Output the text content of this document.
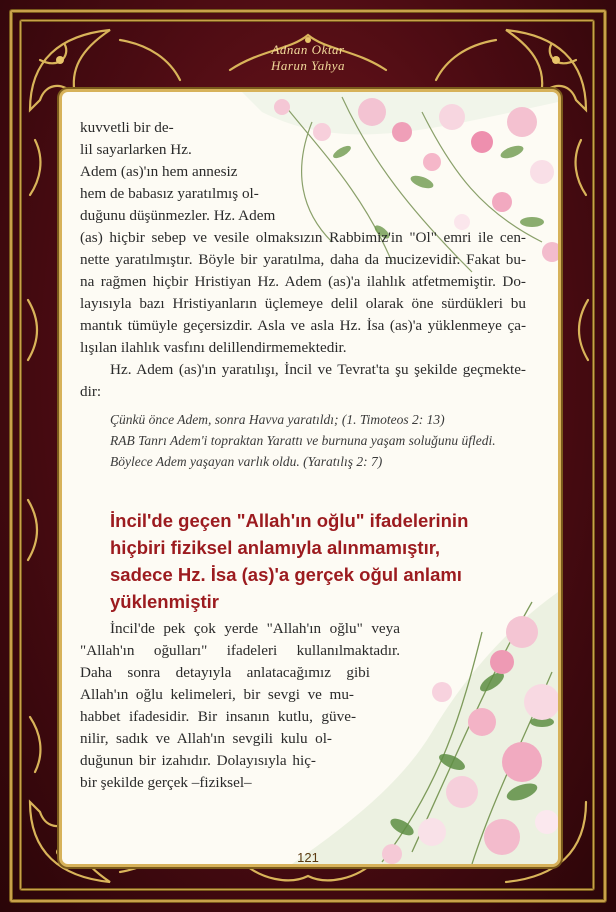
Adnan Oktar
Harun Yahya
kuvvetli bir de-
lil sayarlarken Hz.
Adem (as)'ın hem annesiz
hem de babasız yaratılmış ol-
duğunu düşünmezler. Hz. Adem
(as) hiçbir sebep ve vesile olmaksızın Rabbimiz'in "Ol" emri ile cen-
nette yaratılmıştır. Böyle bir yaratılma, daha da mucizevidir. Fakat bu-
na rağmen hiçbir Hristiyan Hz. Adem (as)'a ilahlık atfetmemiştir. Do-
layısıyla bazı Hristiyanların üçlemeye delil olarak öne sürdükleri bu
mantık tümüyle geçersizdir. Asla ve asla Hz. İsa (as)'a yüklenmeye ça-
lışılan ilahlık vasfını delillendirmemektedir.
Hz. Adem (as)'ın yaratılışı, İncil ve Tevrat'ta şu şekilde geçmekte-
dir:
Çünkü önce Adem, sonra Havva yaratıldı; (1. Timoteos 2: 13)
RAB Tanrı Adem'i topraktan Yarattı ve burnuna yaşam soluğunu üfledi.
Böylece Adem yaşayan varlık oldu. (Yaratılış 2: 7)
İncil'de geçen "Allah'ın oğlu" ifadelerinin
hiçbiri fiziksel anlamıyla alınmamıştır,
sadece Hz. İsa (as)'a gerçek oğul anlamı
yüklenmiştir
İncil'de pek çok yerde "Allah'ın oğlu" veya
"Allah'ın oğulları" ifadeleri kullanılmaktadır.
Daha sonra detayıyla anlatacağımız gibi
Allah'ın oğlu kelimeleri, bir sevgi ve mu-
habbet ifadesidir. Bir insanın kutlu, güve-
nilir, sadık ve Allah'ın sevgili kulu ol-
duğunun bir izahıdır. Dolayısıyla hiç-
bir şekilde gerçek –fiziksel–
121
